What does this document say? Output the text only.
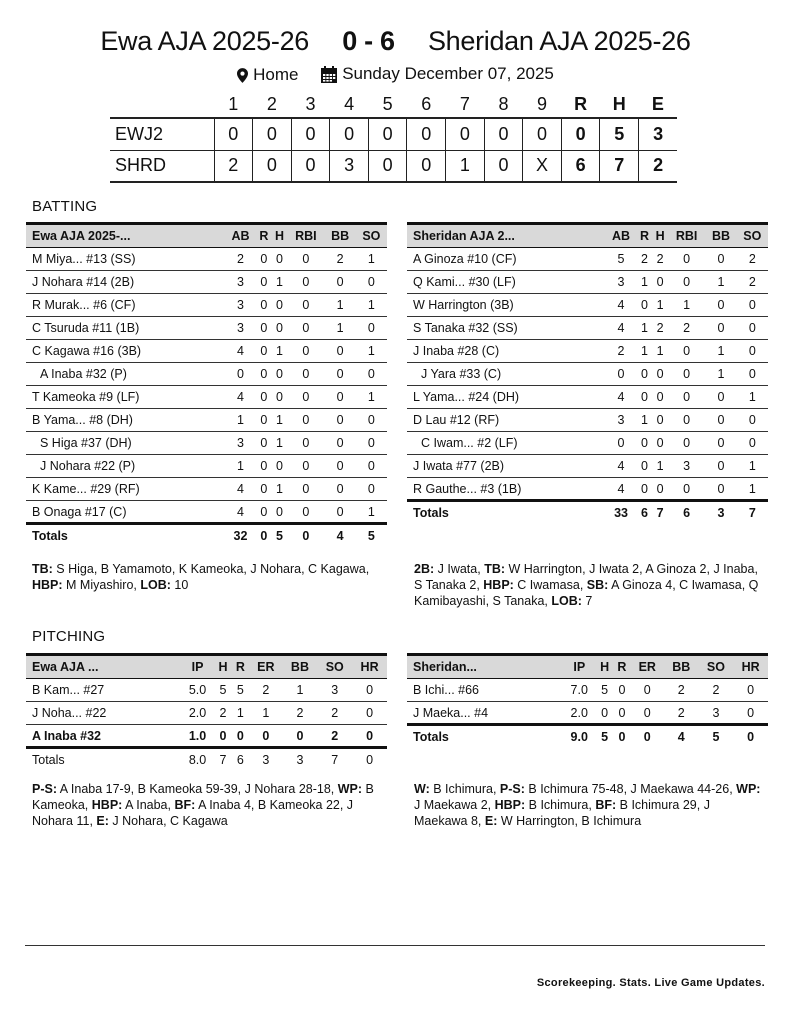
Ewa AJA 2025-26 0 - 6 Sheridan AJA 2025-26
Home
	Sunday December 07, 2025
	1	2	3	4	5	6	7	8	9	R	H	E
EWJ2	0	0	0	0	0	0	0	0	0	0	5	3
SHRD	2	0	0	3	0	0	1	0	X	6	7	2
BATTING
Ewa AJA 2025-...	AB	R	H	RBI	BB	SO
M Miya... #13 (SS)	2	0	0	0	2	1
J Nohara #14 (2B)	3	0	1	0	0	0
R Murak... #6 (CF)	3	0	0	0	1	1
C Tsuruda #11 (1B)	3	0	0	0	1	0
C Kagawa #16 (3B)	4	0	1	0	0	1
A Inaba #32 (P)	0	0	0	0	0	0
T Kameoka #9 (LF)	4	0	0	0	0	1
B Yama... #8 (DH)	1	0	1	0	0	0
S Higa #37 (DH)	3	0	1	0	0	0
J Nohara #22 (P)	1	0	0	0	0	0
K Kame... #29 (RF)	4	0	1	0	0	0
B Onaga #17 (C)	4	0	0	0	0	1
Totals	32	0	5	0	4	5
Sheridan AJA 2...	AB	R	H	RBI	BB	SO
A Ginoza #10 (CF)	5	2	2	0	0	2
Q Kami... #30 (LF)	3	1	0	0	1	2
W Harrington (3B)	4	0	1	1	0	0
S Tanaka #32 (SS)	4	1	2	2	0	0
J Inaba #28 (C)	2	1	1	0	1	0
J Yara #33 (C)	0	0	0	0	1	0
L Yama... #24 (DH)	4	0	0	0	0	1
D Lau #12 (RF)	3	1	0	0	0	0
C Iwam... #2 (LF)	0	0	0	0	0	0
J Iwata #77 (2B)	4	0	1	3	0	1
R Gauthe... #3 (1B)	4	0	0	0	0	1
Totals	33	6	7	6	3	7
TB: S Higa, B Yamamoto, K Kameoka, J Nohara, C Kagawa, HBP: M Miyashiro, LOB: 10
2B: J Iwata, TB: W Harrington, J Iwata 2, A Ginoza 2, J Inaba, S Tanaka 2, HBP: C Iwamasa, SB: A Ginoza 4, C Iwamasa, Q Kamibayashi, S Tanaka, LOB: 7
PITCHING
Ewa AJA ...	IP	H	R	ER	BB	SO	HR
B Kam... #27	5.0	5	5	2	1	3	0
J Noha... #22	2.0	2	1	1	2	2	0
A Inaba #32	1.0	0	0	0	0	2	0
Totals	8.0	7	6	3	3	7	0
Sheridan...	IP	H	R	ER	BB	SO	HR
B Ichi... #66	7.0	5	0	0	2	2	0
J Maeka... #4	2.0	0	0	0	2	3	0
Totals	9.0	5	0	0	4	5	0
P-S: A Inaba 17-9, B Kameoka 59-39, J Nohara 28-18, WP: B Kameoka, HBP: A Inaba, BF: A Inaba 4, B Kameoka 22, J Nohara 11, E: J Nohara, C Kagawa
W: B Ichimura, P-S: B Ichimura 75-48, J Maekawa 44-26, WP: J Maekawa 2, HBP: B Ichimura, BF: B Ichimura 29, J Maekawa 8, E: W Harrington, B Ichimura
Scorekeeping. Stats. Live Game Updates.
